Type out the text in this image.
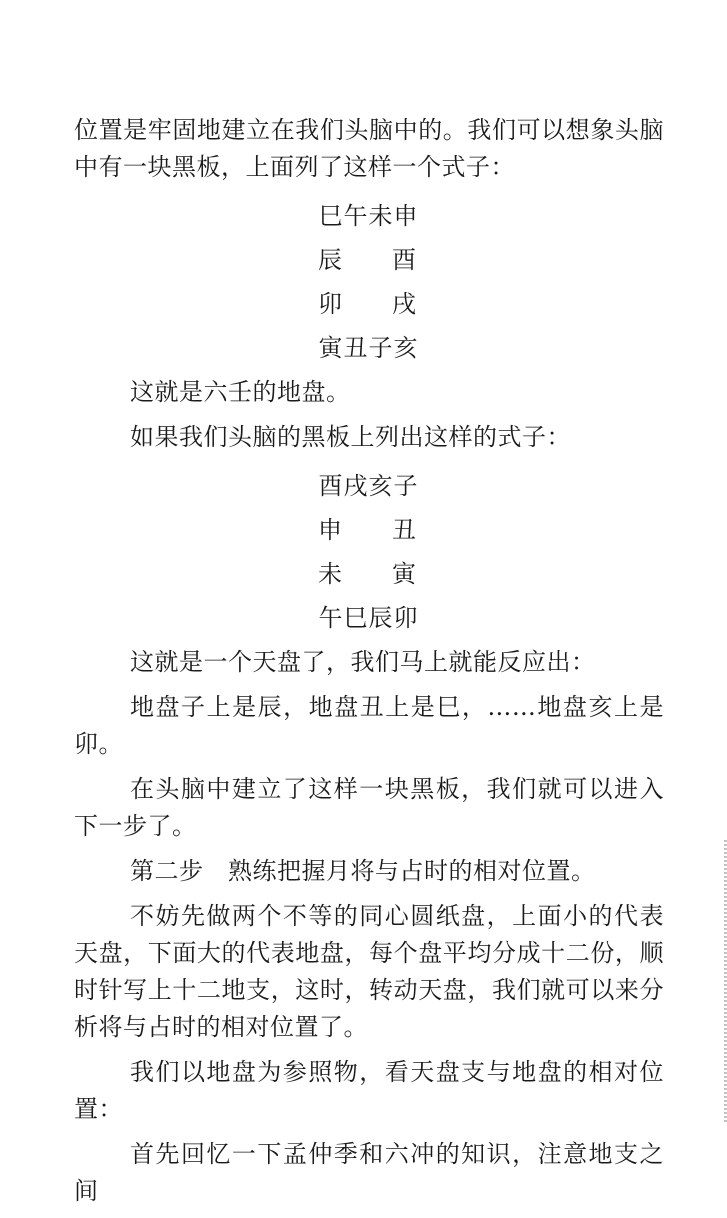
位置是牢固地建立在我们头脑中的。我们可以想象头脑中有一块黑板，上面列了这样一个式子：

巳 午 未 申
辰 酉
卯 戌
寅 丑 子 亥

这就是六壬的地盘。

如果我们头脑的黑板上列出这样的式子：

酉 戌 亥 子
申 丑
未 寅
午 巳 辰 卯

这就是一个天盘了，我们马上就能反应出：

地盘子上是辰，地盘丑上是巳，……地盘亥上是卯。

在头脑中建立了这样一块黑板，我们就可以进入下一步了。

第二步　熟练把握月将与占时的相对位置。

不妨先做两个不等的同心圆纸盘，上面小的代表天盘，下面大的代表地盘，每个盘平均分成十二份，顺时针写上十二地支，这时，转动天盘，我们就可以来分析将与占时的相对位置了。

我们以地盘为参照物，看天盘支与地盘的相对位置：

首先回忆一下孟仲季和六冲的知识，注意地支之间
